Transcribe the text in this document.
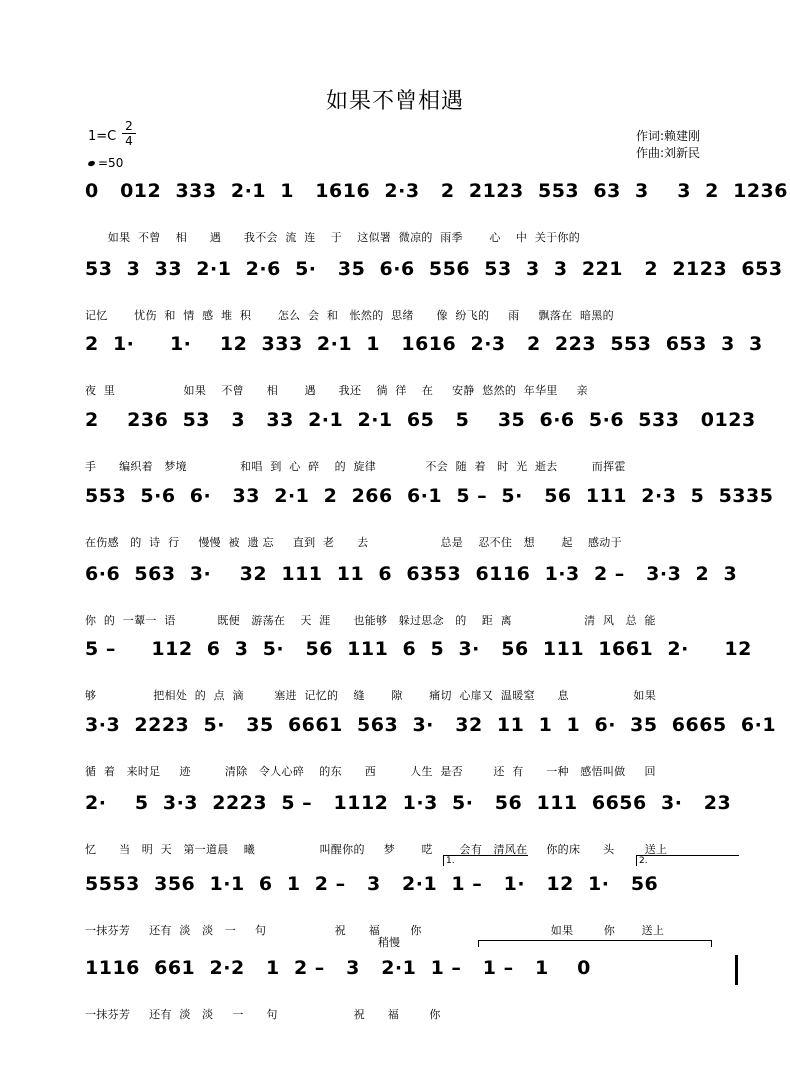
如果不曾相遇
1=C
2
4
=50
作词:赖建刚
作曲:刘新民
0   012  333  2·1  1   1616  2·3   2  2123  553  63  3    3  2  1236
如果  不曾    相      遇      我不会  流  连    于    这似署  微凉的  雨季       心    中  关于你的
53  3  33  2·1  2·6  5·   35  6·6  556  53  3  3  221   2  2123  653
记忆       忧伤  和  情  感  堆  积       怎么  会  和   怅然的  思绪      像  纷飞的     雨     飘落在  暗黑的
2  1·     1·    12  333  2·1  1   1616  2·3   2  223  553  653  3  3
夜  里                  如果    不曾      相       遇      我还    徜  徉    在     安静  悠然的  年华里     亲
2    236  53   3   33  2·1  2·1  65   5    35  6·6  5·6  533   0123
手      编织着   梦境              和唱  到  心  碎    的  旋律             不会  随  着   时  光  逝去         而挥霍
553  5·6  6·   33  2·1  2  266  6·1  5 –  5·   56  111  2·3  5  5335
在伤感   的  诗  行     慢慢  被  遗 忘     直到  老      去                   总是    忍不住   想       起    感动于
6·6  563  3·    32  111  11  6  6353  6116  1·3  2 –   3·3  2  3
你  的  一颦一  语           既便   游荡在    天  涯      也能够   躲过思念   的    距  离                   清  风   总  能
5 –     112  6  3  5·   56  111  6  5  3·   56  111  1661  2·     12
够               把相处  的  点  滴        塞进  记忆的    缝       隙       痛切  心扉又  温暖窒      息                 如果
3·3  2223  5·   35  6661  563  3·   32  11  1  1  6·  35  6665  6·1
循  着   来时足     迹         清除   令人心碎    的东      西         人生  是否        还  有      一种   感悟叫做     回
2·    5  3·3  2223  5 –   1112  1·3  5·   56  111  6656  3·   23
忆      当   明  天   第一道晨    曦                 叫醒你的     梦       呓       会有   清风在     你的床      头        送上
5553  356  1·1  6  1  2 –   3   2·1  1 –   1·   12  1·   56
一抹芬芳     还有  淡   淡   一     句                  祝      福        你                                  如果        你       送上
1.	2.
稍慢
1116  661  2·2   1  2 –   3   2·1  1 –   1 –   1    0
一抹芬芳     还有  淡   淡     一      句                    祝      福        你
